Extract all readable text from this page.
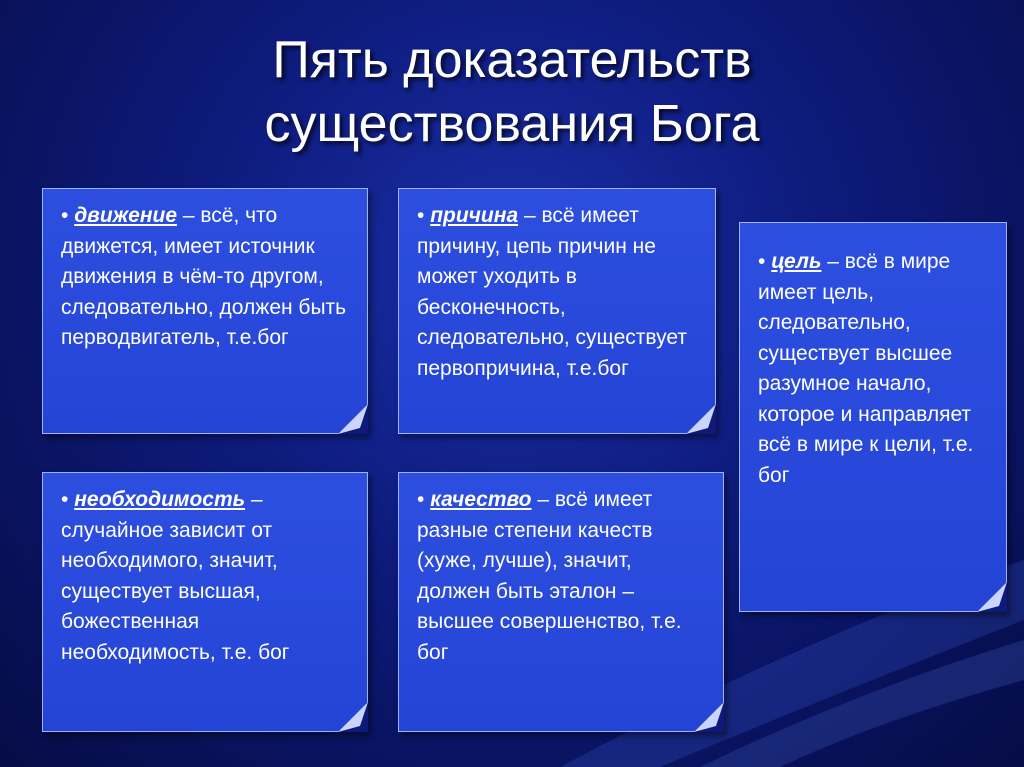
Пять доказательств
существования Бога
• движение – всё, что движется, имеет источник движения в чём-то другом, следовательно, должен быть перводвигатель, т.е.бог
• причина – всё имеет причину, цепь причин не может уходить в бесконечность, следовательно, существует первопричина, т.е.бог
• цель – всё в мире имеет цель, следовательно, существует высшее разумное начало, которое и направляет всё в мире к цели, т.е. бог
• необходимость – случайное зависит от необходимого, значит, существует высшая, божественная необходимость, т.е. бог
• качество – всё имеет разные степени качеств (хуже, лучше), значит, должен быть эталон – высшее совершенство, т.е. бог
